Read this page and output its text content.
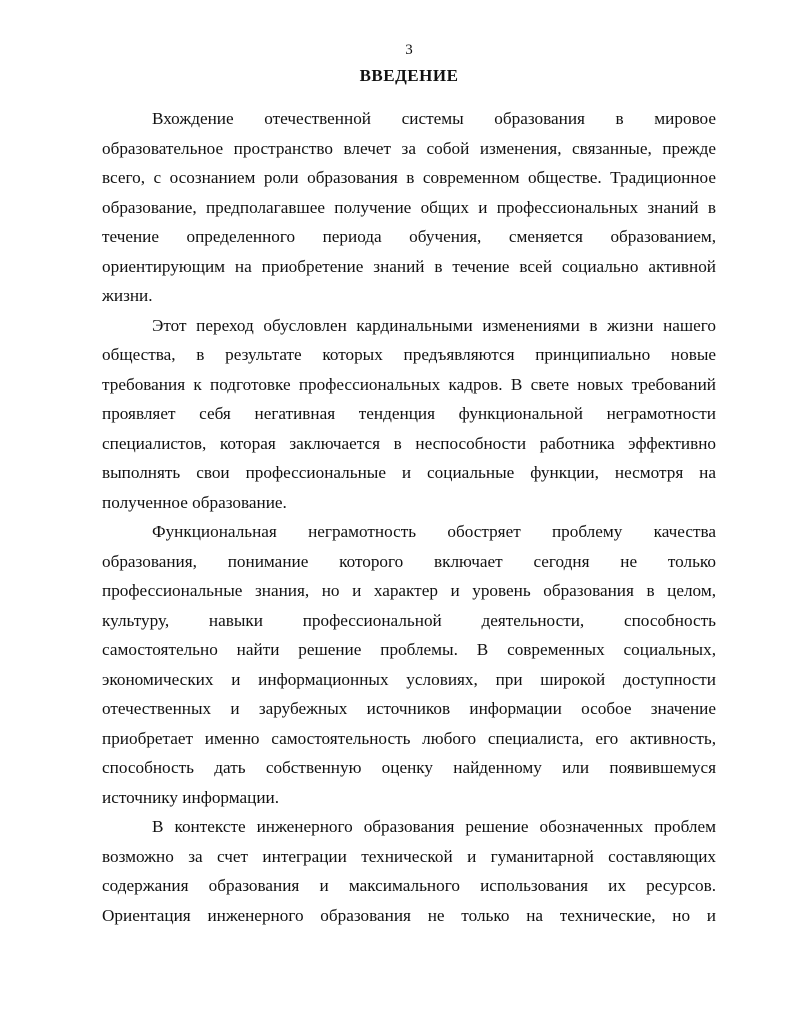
3
ВВЕДЕНИЕ
Вхождение отечественной системы образования в мировое
образовательное пространство влечет за собой изменения, связанные, прежде
всего, с осознанием роли образования в современном обществе. Традиционное
образование, предполагавшее получение общих и профессиональных знаний в
течение определенного периода обучения, сменяется образованием,
ориентирующим на приобретение знаний в течение всей социально активной
жизни.
Этот переход обусловлен кардинальными изменениями в жизни нашего
общества, в результате которых предъявляются принципиально новые
требования к подготовке профессиональных кадров. В свете новых требований
проявляет себя негативная тенденция функциональной неграмотности
специалистов, которая заключается в неспособности работника эффективно
выполнять свои профессиональные и социальные функции, несмотря на
полученное образование.
Функциональная неграмотность обостряет проблему качества
образования, понимание которого включает сегодня не только
профессиональные знания, но и характер и уровень образования в целом,
культуру, навыки профессиональной деятельности, способность
самостоятельно найти решение проблемы. В современных социальных,
экономических и информационных условиях, при широкой доступности
отечественных и зарубежных источников информации особое значение
приобретает именно самостоятельность любого специалиста, его активность,
способность дать собственную оценку найденному или появившемуся
источнику информации.
В контексте инженерного образования решение обозначенных проблем
возможно за счет интеграции технической и гуманитарной составляющих
содержания образования и максимального использования их ресурсов.
Ориентация инженерного образования не только на технические, но и
